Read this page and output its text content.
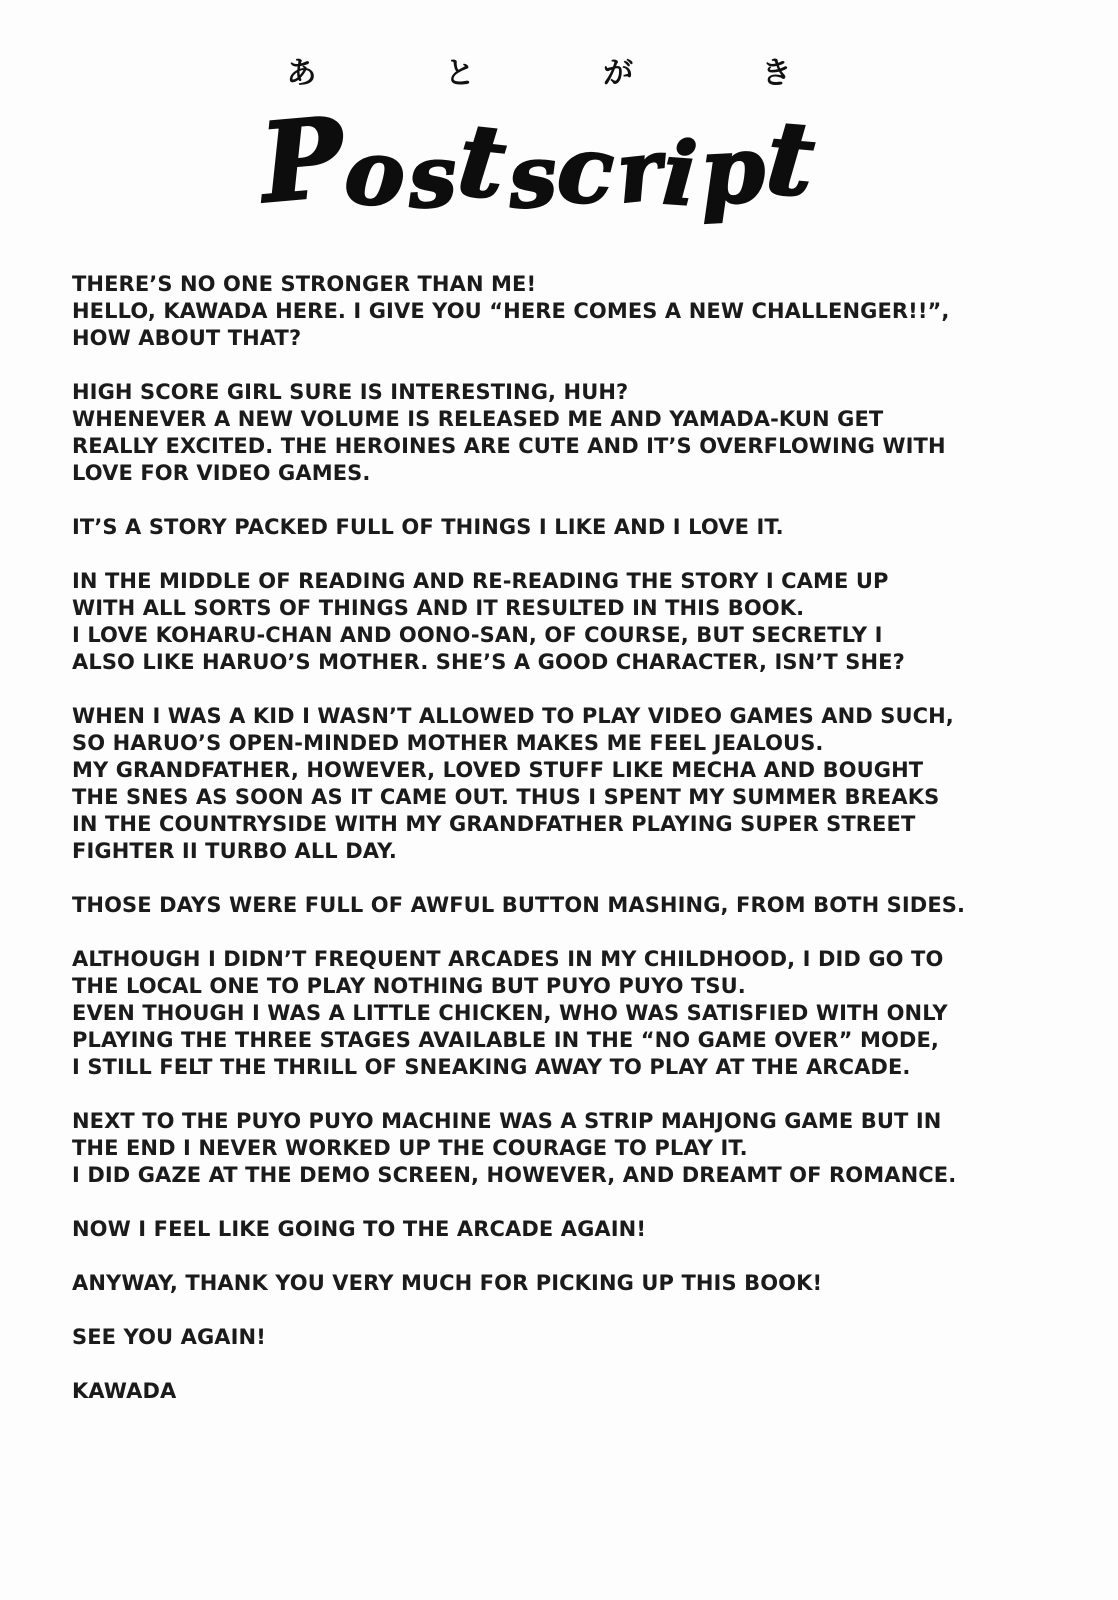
あ	と	が	き
Postscript
THERE’S NO ONE STRONGER THAN ME!
HELLO, KAWADA HERE. I GIVE YOU “HERE COMES A NEW CHALLENGER!!”,
HOW ABOUT THAT?
HIGH SCORE GIRL SURE IS INTERESTING, HUH?
WHENEVER A NEW VOLUME IS RELEASED ME AND YAMADA-KUN GET
REALLY EXCITED. THE HEROINES ARE CUTE AND IT’S OVERFLOWING WITH
LOVE FOR VIDEO GAMES.
IT’S A STORY PACKED FULL OF THINGS I LIKE AND I LOVE IT.
IN THE MIDDLE OF READING AND RE-READING THE STORY I CAME UP
WITH ALL SORTS OF THINGS AND IT RESULTED IN THIS BOOK.
I LOVE KOHARU-CHAN AND OONO-SAN, OF COURSE, BUT SECRETLY I
ALSO LIKE HARUO’S MOTHER. SHE’S A GOOD CHARACTER, ISN’T SHE?
WHEN I WAS A KID I WASN’T ALLOWED TO PLAY VIDEO GAMES AND SUCH,
SO HARUO’S OPEN-MINDED MOTHER MAKES ME FEEL JEALOUS.
MY GRANDFATHER, HOWEVER, LOVED STUFF LIKE MECHA AND BOUGHT
THE SNES AS SOON AS IT CAME OUT. THUS I SPENT MY SUMMER BREAKS
IN THE COUNTRYSIDE WITH MY GRANDFATHER PLAYING SUPER STREET
FIGHTER II TURBO ALL DAY.
THOSE DAYS WERE FULL OF AWFUL BUTTON MASHING, FROM BOTH SIDES.
ALTHOUGH I DIDN’T FREQUENT ARCADES IN MY CHILDHOOD, I DID GO TO
THE LOCAL ONE TO PLAY NOTHING BUT PUYO PUYO TSU.
EVEN THOUGH I WAS A LITTLE CHICKEN, WHO WAS SATISFIED WITH ONLY
PLAYING THE THREE STAGES AVAILABLE IN THE “NO GAME OVER” MODE,
I STILL FELT THE THRILL OF SNEAKING AWAY TO PLAY AT THE ARCADE.
NEXT TO THE PUYO PUYO MACHINE WAS A STRIP MAHJONG GAME BUT IN
THE END I NEVER WORKED UP THE COURAGE TO PLAY IT.
I DID GAZE AT THE DEMO SCREEN, HOWEVER, AND DREAMT OF ROMANCE.
NOW I FEEL LIKE GOING TO THE ARCADE AGAIN!
ANYWAY, THANK YOU VERY MUCH FOR PICKING UP THIS BOOK!
SEE YOU AGAIN!
KAWADA
